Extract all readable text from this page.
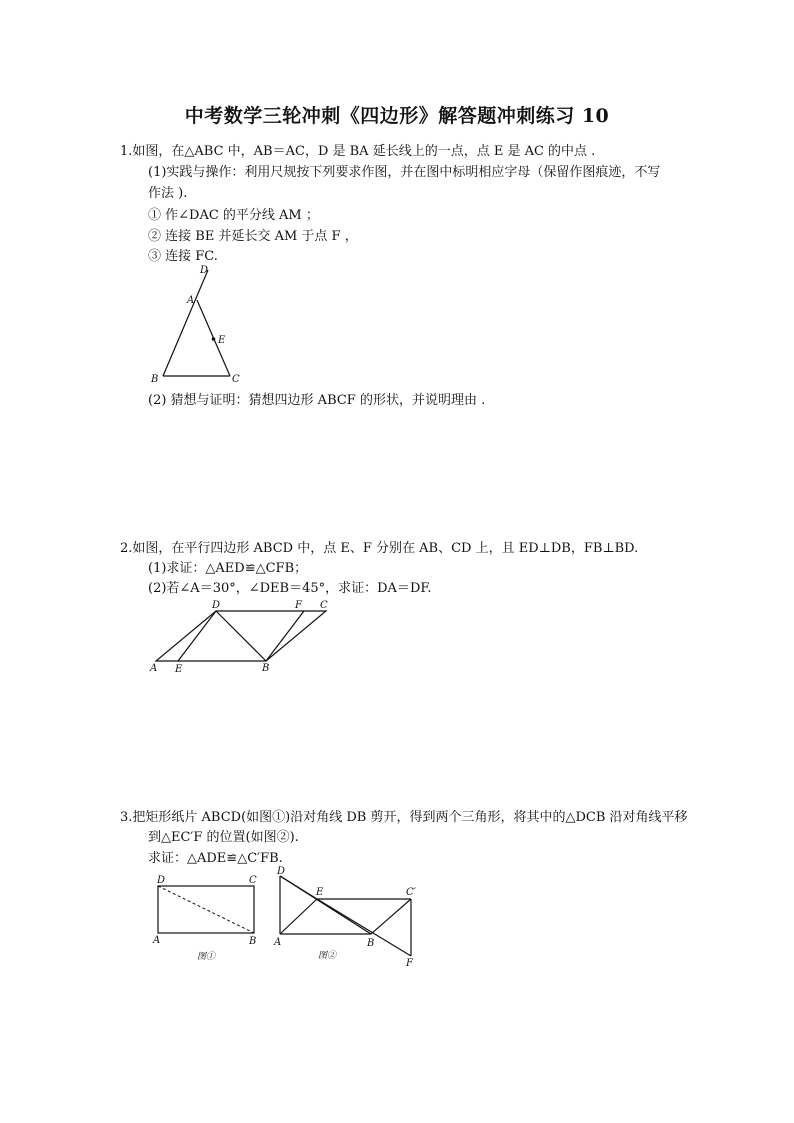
中考数学三轮冲刺《四边形》解答题冲刺练习 10
1.如图，在△ABC 中，AB＝AC，D 是 BA 延长线上的一点，点 E 是 AC 的中点 .
(1)实践与操作：利用尺规按下列要求作图，并在图中标明相应字母（保留作图痕迹，不写
作法 ).
① 作∠DAC 的平分线 AM ；
② 连接 BE 并延长交 AM 于点 F ，
③ 连接 FC.
D
A
E
B	C
(2) 猜想与证明：猜想四边形 ABCF 的形状，并说明理由 .
2.如图，在平行四边形 ABCD 中，点 E、F 分别在 AB、CD 上，且 ED⊥DB，FB⊥BD.
(1)求证：△AED≌△CFB；
(2)若∠A＝30°，∠DEB＝45°，求证：DA＝DF.
D	F C
A E	B
3.把矩形纸片 ABCD(如图①)沿对角线 DB 剪开，得到两个三角形，将其中的△DCB 沿对角线平移
到△EC′F 的位置(如图②).
求证：△ADE≌△C′FB.
D	C
A	B
图①
D
E	C′
A	B
F
图②
